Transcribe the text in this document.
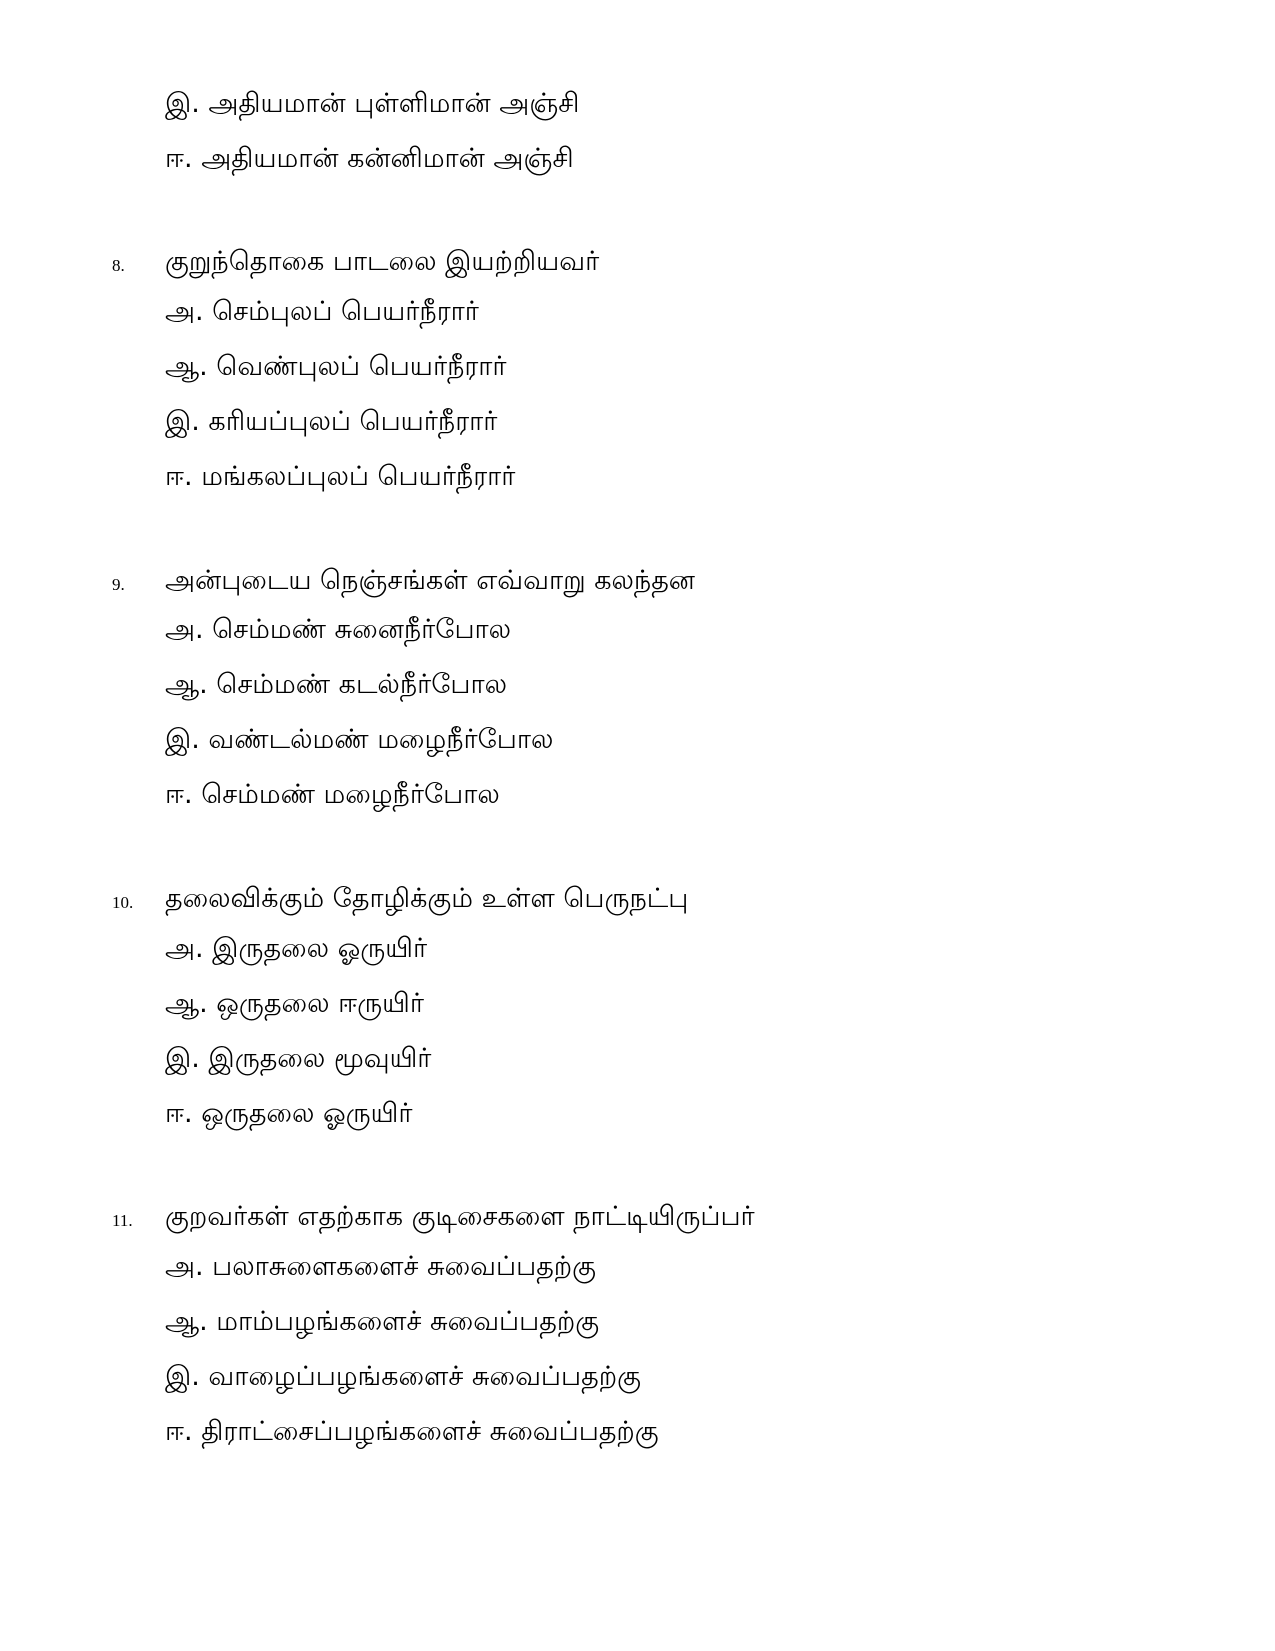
இ. அதியமான் புள்ளிமான் அஞ்சி
ஈ. அதியமான் கன்னிமான் அஞ்சி
8. குறுந்தொகை பாடலை இயற்றியவர்
அ. செம்புலப் பெயர்நீரார்
ஆ. வெண்புலப் பெயர்நீரார்
இ. கரியப்புலப் பெயர்நீரார்
ஈ. மங்கலப்புலப் பெயர்நீரார்
9. அன்புடைய நெஞ்சங்கள் எவ்வாறு கலந்தன
அ. செம்மண் சுனைநீர்போல
ஆ. செம்மண் கடல்நீர்போல
இ. வண்டல்மண் மழைநீர்போல
ஈ. செம்மண் மழைநீர்போல
10. தலைவிக்கும் தோழிக்கும் உள்ள பெருநட்பு
அ. இருதலை ஓருயிர்
ஆ. ஒருதலை ஈருயிர்
இ. இருதலை மூவுயிர்
ஈ. ஒருதலை ஓருயிர்
11. குறவர்கள் எதற்காக குடிசைகளை நாட்டியிருப்பர்
அ. பலாசுளைகளைச் சுவைப்பதற்கு
ஆ. மாம்பழங்களைச் சுவைப்பதற்கு
இ. வாழைப்பழங்களைச் சுவைப்பதற்கு
ஈ. திராட்சைப்பழங்களைச் சுவைப்பதற்கு
